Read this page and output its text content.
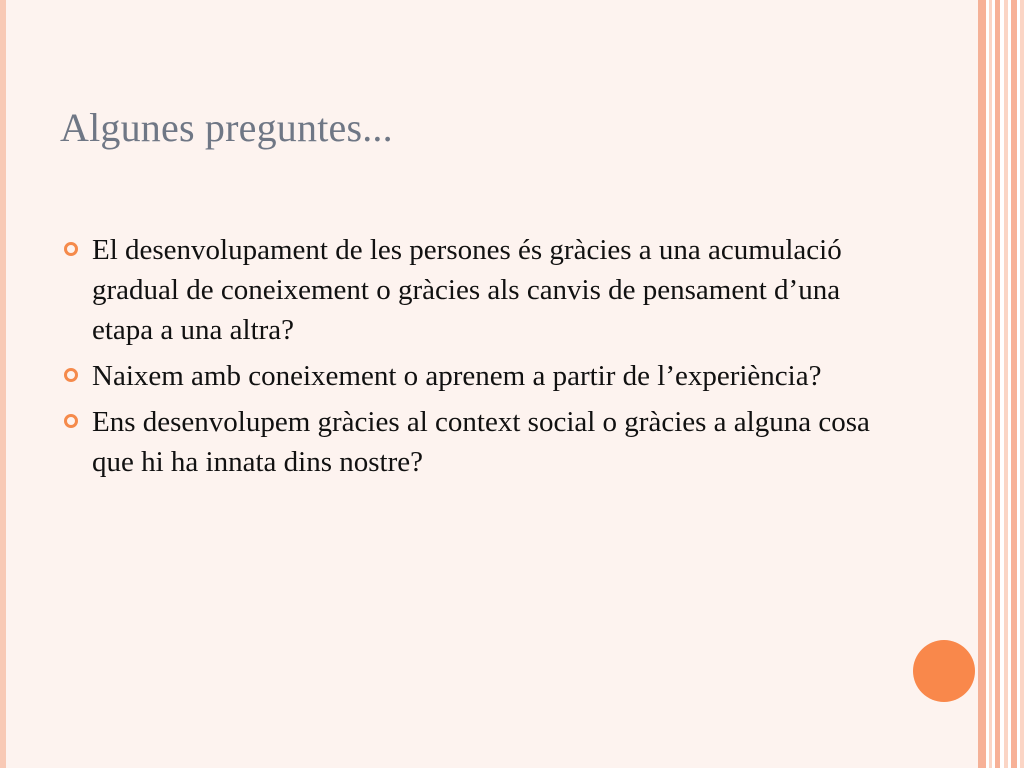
Algunes preguntes...
El desenvolupament de les persones és gràcies a una acumulació gradual de coneixement o gràcies als canvis de pensament d’una etapa a una altra?
Naixem amb coneixement o aprenem a partir de l’experiència?
Ens desenvolupem gràcies al context social o gràcies a alguna cosa que hi ha innata dins nostre?
